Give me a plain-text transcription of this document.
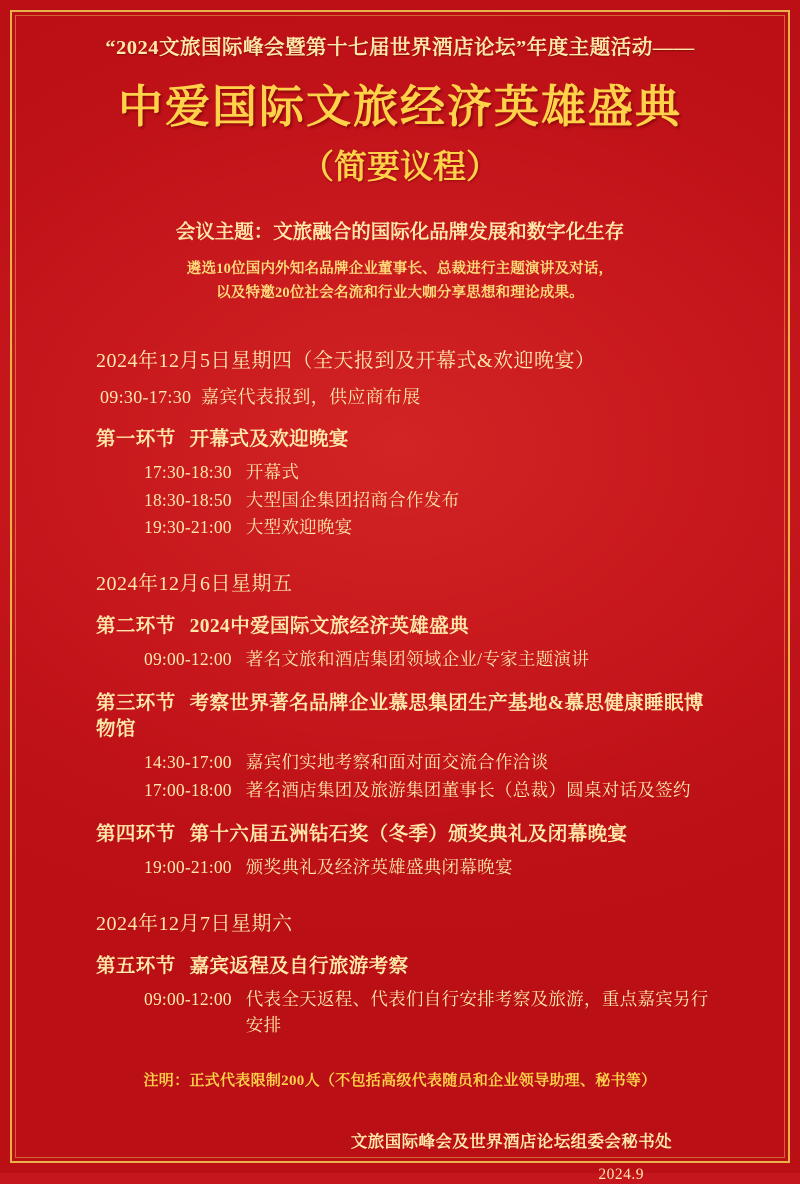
“2024文旅国际峰会暨第十七届世界酒店论坛”年度主题活动——
中爱国际文旅经济英雄盛典
（简要议程）
会议主题：文旅融合的国际化品牌发展和数字化生存
遴选10位国内外知名品牌企业董事长、总裁进行主题演讲及对话，
以及特邀20位社会名流和行业大咖分享思想和理论成果。
2024年12月5日星期四（全天报到及开幕式&欢迎晚宴）
09:30-17:30 嘉宾代表报到，供应商布展
第一环节 开幕式及欢迎晚宴
17:30-18:30 开幕式
18:30-18:50 大型国企集团招商合作发布
19:30-21:00 大型欢迎晚宴
2024年12月6日星期五
第二环节 2024中爱国际文旅经济英雄盛典
09:00-12:00 著名文旅和酒店集团领域企业/专家主题演讲
第三环节 考察世界著名品牌企业慕思集团生产基地&慕思健康睡眠博物馆
14:30-17:00 嘉宾们实地考察和面对面交流合作洽谈
17:00-18:00 著名酒店集团及旅游集团董事长（总裁）圆桌对话及签约
第四环节 第十六届五洲钻石奖（冬季）颁奖典礼及闭幕晚宴
19:00-21:00 颁奖典礼及经济英雄盛典闭幕晚宴
2024年12月7日星期六
第五环节 嘉宾返程及自行旅游考察
09:00-12:00 代表全天返程、代表们自行安排考察及旅游，重点嘉宾另行安排
注明：正式代表限制200人（不包括高级代表随员和企业领导助理、秘书等）
文旅国际峰会及世界酒店论坛组委会秘书处
2024.9
